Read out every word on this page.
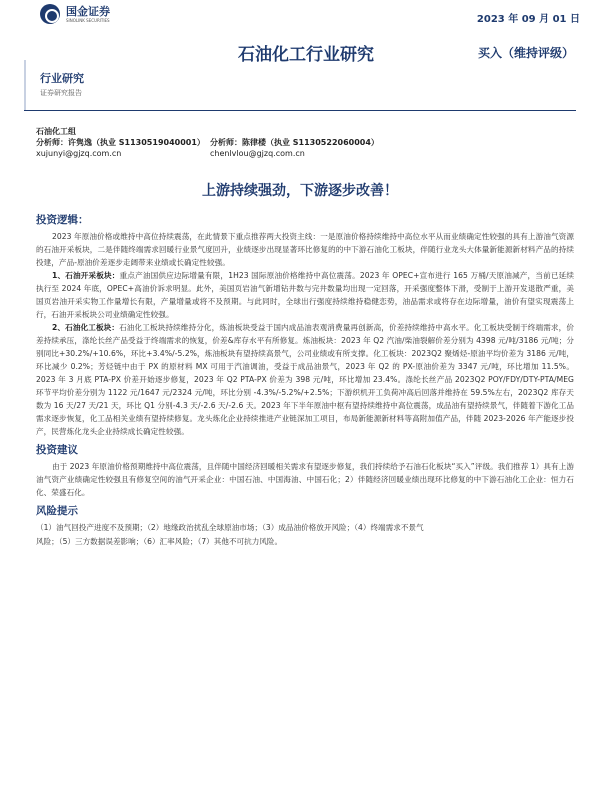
国金证券
SINOLINK SECURITIES	2023 年 09 月 01 日
石油化工行业研究	买入（维持评级）
行业研究
证券研究报告
石油化工组
分析师：许隽逸（执业 S1130519040001） 分析师：陈律楼（执业 S1130522060004）
xujunyi@gjzq.com.cn	chenlvlou@gjzq.com.cn
上游持续强劲，下游逐步改善！
投资逻辑：

2023 年原油价格或维持中高位持续震荡，在此情景下重点推荐两大投资主线：一是原油价格持续维持中高位水平从而业绩确定性较强的具有上游油气资源的石油开采板块，二是伴随终端需求回暖行业景气度回升，业绩逐步出现显著环比修复的的中下游石油化工板块，伴随行业龙头大体量新能源新材料产品的持续投建，产品-原油价差逐步走阔带来业绩或长确定性较强。

1、石油开采板块：重点产油国供应边际增量有限，1H23 国际原油价格维持中高位震荡。2023 年 OPEC+宣布进行 165 万桶/天原油减产，当前已延续执行至 2024 年底，OPEC+高油价诉求明显。此外，美国页岩油气新增钻井数与完井数量均出现一定回落，开采强度整体下滑，受制于上游开发退散严重，美国页岩油开采实物工作量增长有限，产量增量或将不及预期。与此同时，全球出行强度持续维持稳健恋势，油品需求或将存在边际增量，油价有望实现震荡上行，石油开采板块公司业绩确定性较强。

2、石油化工板块：石油化工板块持续维持分化，炼油板块受益于国内成品油表观消费量再创新高，价差持续维持中高水平。化工板块受制于终端需求，价差持续承压，涤纶长丝产品受益于终端需求的恢复，价差&库存水平有所修复。炼油板块：2023 年 Q2 汽油/柴油裂解价差分别为 4398 元/吨/3186 元/吨；分别同比+30.2%/+10.6%，环比+3.4%/-5.2%，炼油板块有望持续高景气，公司业绩或有所支撑。化工板块：2023Q2 聚烯烃-原油平均价差为 3186 元/吨，环比减少 0.2%；芳烃链中由于 PX 的原材料 MX 可用于汽油调油，受益于成品油景气，2023 年 Q2 的 PX-原油价差为 3347 元/吨，环比增加 11.5%。2023 年 3 月底 PTA-PX 价差开始逐步修复，2023 年 Q2 PTA-PX 价差为 398 元/吨，环比增加 23.4%。涤纶长丝产品 2023Q2 POY/FDY/DTY-PTA/MEG 环节平均价差分别为 1122 元/1647 元/2324 元/吨，环比分别 -4.3%/-5.2%/+2.5%；下游织机开工负荷冲高后回落并维持在 59.5%左右，2023Q2 库存天数为 16 天/27 天/21 天，环比 Q1 分别-4.3 天/-2.6 天/-2.6 天。2023 年下半年原油中枢有望持续维持中高位震荡，成品油有望持续景气，伴随着下游化工品需求逐步恢复，化工品相关业绩有望持续修复。龙头炼化企业持续推进产业链深加工项目，布局新能源新材料等高附加值产品，伴随 2023-2026 年产能逐步投产，民营炼化龙头企业持续成长确定性较强。

投资建议

由于 2023 年原油价格预期维持中高位震荡，且伴随中国经济回暖相关需求有望逐步修复，我们持续给予石油石化板块“买入”评级。我们推荐 1）具有上游油气资产业绩确定性较强且有修复空间的油气开采企业：中国石油、中国海油、中国石化；2）伴随经济回暖业绩出现环比修复的中下游石油化工企业：恒力石化、荣盛石化。

风险提示
（1）油气回投产进度不及预期；（2）地缘政治扰乱全球原油市场；（3）成品油价格放开风险；（4）终端需求不景气
风险；（5）三方数据误差影响；（6）汇率风险；（7）其他不可抗力风险。
